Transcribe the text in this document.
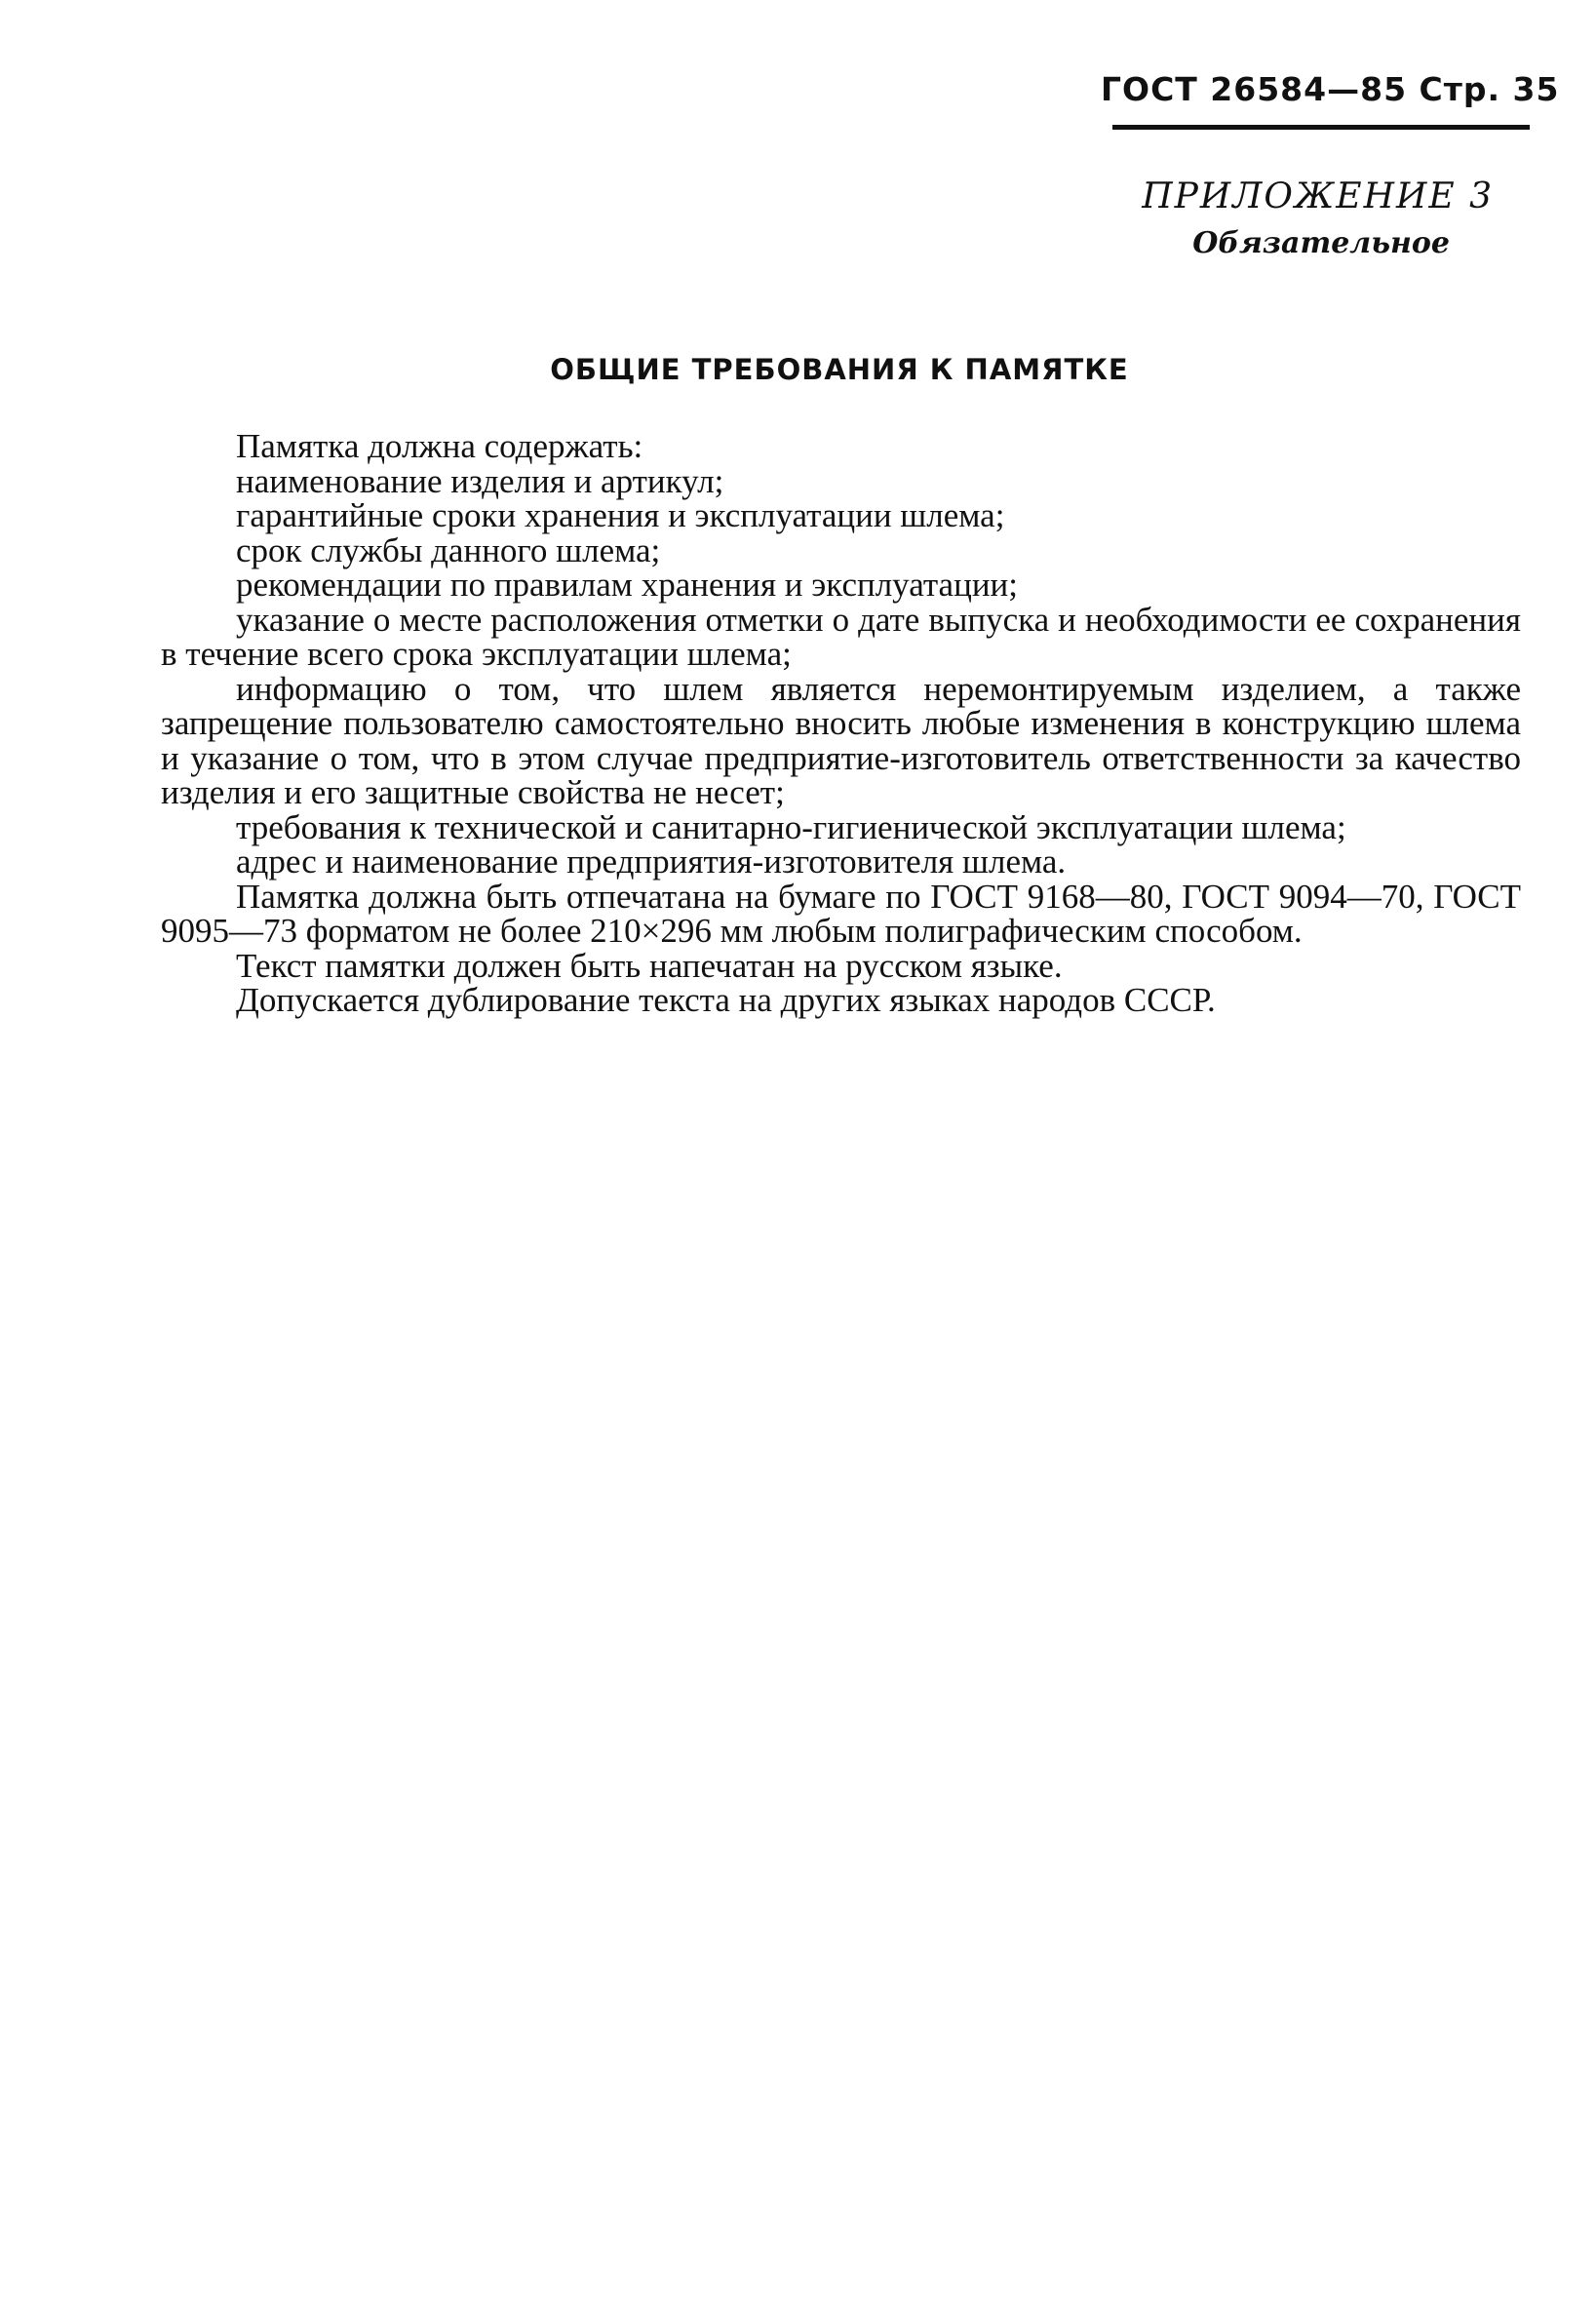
ГОСТ 26584—85 Стр. 35
ПРИЛОЖЕНИЕ 3
Обязательное
ОБЩИЕ ТРЕБОВАНИЯ К ПАМЯТКЕ

Памятка должна содержать:

наименование изделия и артикул;

гарантийные сроки хранения и эксплуатации шлема;

срок службы данного шлема;

рекомендации по правилам хранения и эксплуатации;

указание о месте расположения отметки о дате выпуска и необходимости ее сохранения в течение всего срока эксплуатации шлема;

информацию о том, что шлем является неремонтируемым изделием, а также запрещение пользователю самостоятельно вносить любые изменения в конструкцию шлема и указание о том, что в этом случае предприятие-изготовитель ответственности за качество изделия и его защитные свойства не несет;

требования к технической и санитарно-гигиенической эксплуатации шлема;

адрес и наименование предприятия-изготовителя шлема.

Памятка должна быть отпечатана на бумаге по ГОСТ 9168—80, ГОСТ 9094—70, ГОСТ 9095—73 форматом не более 210×296 мм любым полиграфическим способом.

Текст памятки должен быть напечатан на русском языке.

Допускается дублирование текста на других языках народов СССР.
